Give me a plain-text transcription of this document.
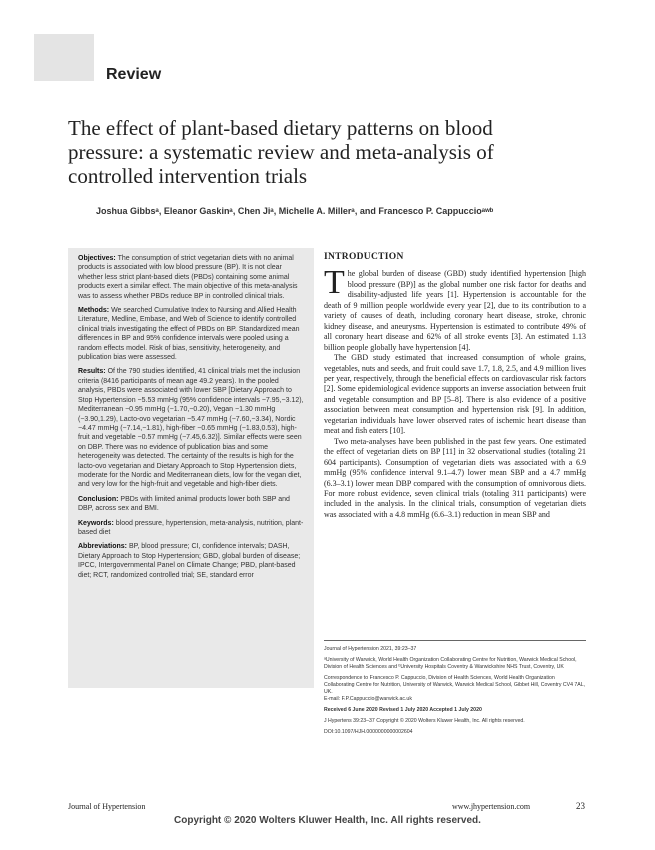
Review
The effect of plant-based dietary patterns on blood pressure: a systematic review and meta-analysis of controlled intervention trials
Joshua Gibbsᵃ, Eleanor Gaskinᵃ, Chen Jiᵃ, Michelle A. Millerᵃ, and Francesco P. Cappuccioᵃʷᵇ

Objectives: The consumption of strict vegetarian diets with no animal products is associated with low blood pressure (BP). It is not clear whether less strict plant-based diets (PBDs) containing some animal products exert a similar effect. The main objective of this meta-analysis was to assess whether PBDs reduce BP in controlled clinical trials.

Methods: We searched Cumulative Index to Nursing and Allied Health Literature, Medline, Embase, and Web of Science to identify controlled clinical trials investigating the effect of PBDs on BP. Standardized mean differences in BP and 95% confidence intervals were pooled using a random effects model. Risk of bias, sensitivity, heterogeneity, and publication bias were assessed.

Results: Of the 790 studies identified, 41 clinical trials met the inclusion criteria (8416 participants of mean age 49.2 years). In the pooled analysis, PBDs were associated with lower SBP [Dietary Approach to Stop Hypertension −5.53 mmHg (95% confidence intervals −7.95,−3.12), Mediterranean −0.95 mmHg (−1.70,−0.20), Vegan −1.30 mmHg (−3.90,1.29), Lacto-ovo vegetarian −5.47 mmHg (−7.60,−3.34), Nordic −4.47 mmHg (−7.14,−1.81), high-fiber −0.65 mmHg (−1.83,0.53), high-fruit and vegetable −0.57 mmHg (−7.45,6.32)]. Similar effects were seen on DBP. There was no evidence of publication bias and some heterogeneity was detected. The certainty of the results is high for the lacto-ovo vegetarian and Dietary Approach to Stop Hypertension diets, moderate for the Nordic and Mediterranean diets, low for the vegan diet, and very low for the high-fruit and vegetable and high-fiber diets.

Conclusion: PBDs with limited animal products lower both SBP and DBP, across sex and BMI.

Keywords: blood pressure, hypertension, meta-analysis, nutrition, plant-based diet

Abbreviations: BP, blood pressure; CI, confidence intervals; DASH, Dietary Approach to Stop Hypertension; GBD, global burden of disease; IPCC, Intergovernmental Panel on Climate Change; PBD, plant-based diet; RCT, randomized controlled trial; SE, standard error

INTRODUCTION

The global burden of disease (GBD) study identified hypertension [high blood pressure (BP)] as the global number one risk factor for deaths and disability-adjusted life years [1]. Hypertension is accountable for the death of 9 million people worldwide every year [2], due to its contribution to a variety of causes of death, including coronary heart disease, stroke, chronic kidney disease, and aneurysms. Hypertension is estimated to contribute 49% of all coronary heart disease and 62% of all stroke events [3]. An estimated 1.13 billion people globally have hypertension [4].

The GBD study estimated that increased consumption of whole grains, vegetables, nuts and seeds, and fruit could save 1.7, 1.8, 2.5, and 4.9 million lives per year, respectively, through the beneficial effects on cardiovascular risk factors [2]. Some epidemiological evidence supports an inverse association between fruit and vegetable consumption and BP [5–8]. There is also evidence of a positive association between meat consumption and hypertension risk [9]. In addition, vegetarian individuals have lower observed rates of ischemic heart disease than meat and fish eaters [10].

Two meta-analyses have been published in the past few years. One estimated the effect of vegetarian diets on BP [11] in 32 observational studies (totaling 21 604 participants). Consumption of vegetarian diets was associated with a 6.9 mmHg (95% confidence interval 9.1–4.7) lower mean SBP and a 4.7 mmHg (6.3–3.1) lower mean DBP compared with the consumption of omnivorous diets. For more robust evidence, seven clinical trials (totaling 311 participants) were included in the analysis. In the clinical trials, consumption of vegetarian diets was associated with a 4.8 mmHg (6.6–3.1) reduction in mean SBP and

Journal of Hypertension 2021, 39:23–37

ᵃUniversity of Warwick, World Health Organization Collaborating Centre for Nutrition, Warwick Medical School, Division of Health Sciences and ᵇUniversity Hospitals Coventry & Warwickshire NHS Trust, Coventry, UK

Correspondence to Francesco P. Cappuccio, Division of Health Sciences, World Health Organization Collaborating Centre for Nutrition, University of Warwick, Warwick Medical School, Gibbet Hill, Coventry CV4 7AL, UK.
E-mail: F.P.Cappuccio@warwick.ac.uk

Received 6 June 2020 Revised 1 July 2020 Accepted 1 July 2020

J Hypertens 39:23–37 Copyright © 2020 Wolters Kluwer Health, Inc. All rights reserved.

DOI:10.1097/HJH.0000000000002604

Journal of Hypertension	www.jhypertension.com	23
Copyright © 2020 Wolters Kluwer Health, Inc. All rights reserved.
